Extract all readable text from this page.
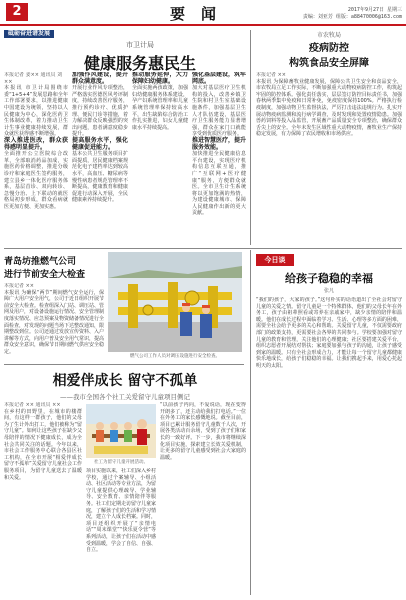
2	要闻	2017年9月27日 星期三
责编：刘亚芳 组版：a88470006@163.com
砥砺奋进谱发展
市卫计局
健康服务惠民生
本报记者 姜×× 通讯员 刘××
本报讯 市卫计局围绕市委“1+5+4”发展思路和全年工作部署要求，以推进健康中国建设为统领，坚持以人民健康为中心，深化医药卫生体制改革，着力推动卫生计生事业健康持续发展，群众就医获得感不断增强。
深入推进医改，群众获得感明显提升。
全面推开公立医院综合改革，全部取消药品加成，实施医药价格调整，推进分级诊疗和家庭医生签约服务，建立县乡一体化医疗服务体系，基层首诊、双向转诊、急慢分治、上下联动的就医格局初步形成，群众看病就医更加方便、更加实惠。
加强作风建设，提升群众满意度。
开展行业作风专项整治，严格落实医德医风考评制度，持续改善医疗服务，推行预约诊疗、优质护理、便民门诊等措施，着力解决群众反映强烈的突出问题，患者满意度稳步提升。
提高服务水平，强化健康促进能力。
基本公共卫生服务项目扩面提质，居民健康档案规范化电子建档率达到较高水平，高血压、糖尿病等慢性病患者规范管理率不断提高，健康教育和健康促进行动深入开展，全民健康素养持续提升。
推动服务延伸，大力保障妇幼健康。
全面实施两孩政策，加强妇幼健康服务体系建设，孕产妇系统管理率和儿童系统管理率保持较高水平，出生缺陷综合防治工作扎实推进，妇女儿童健康水平持续提高。
强化基层建设，筑牢网底。
加大对基层医疗卫生机构的投入，改善乡镇卫生院和村卫生室基础设施条件，加强基层卫生人才队伍建设，基层医疗卫生服务能力显著增强，群众在家门口就能享受到优质医疗服务。
推进智慧医疗，提升服务效能。
加快推进全民健康信息平台建设，实现医疗机构信息互联互通，推广“互联网+医疗健康”服务，方便群众就医。全市卫生计生系统将以更加饱满的热情，为建设健康城市、保障人民健康作出新的更大贡献。
市农牧局
疫病防控
构筑食品安全屏障
本报记者 ××
本报讯 为保障畜牧业健康发展，保障公共卫生安全和食品安全，市农牧局立足工作实际，不断加强重大动物疫病防控工作，构筑起牢固的防控体系。强化责任落实，层层签订防控目标责任书，加强春秋两季集中免疫和日常补免，免疫密度保持100%。严格执行检疫制度，加强动物卫生监督执法，严厉打击违法违规行为。扎实开展动物疫病监测和流行病学调查，及时发现和处置疫情隐患。加强兽药饲料等投入品监管，开展畜产品质量安全专项整治，确保群众舌尖上的安全。全年未发生区域性重大动物疫情，畜牧业生产保持稳定发展，有力保障了农民增收和市场供应。
青岛坊推燃气公司
进行节前安全大检查
本报记者 ××
本报讯 为确保“两节”期间燃气安全运行，保障广大用户安全用气，公司于近日组织开展节前安全大检查。检查组深入门站、调压站、管网及用户，对设备设施运行情况、安全管理制度落实情况、应急预案及物资储备情况进行全面检查，对发现的问题当场下达整改通知，限期整改到位。公司还通过发放宣传资料、入户讲解等方式，向用户普及安全用气常识，提高群众安全意识，确保节日期间燃气供应安全稳定。
燃气公司工作人员对调压设施进行安全检查。
今日谈
给孩子稳稳的幸福
张凡
“我们的孩子，大家的孩子。”这句朴实的话语道出了全社会对留守儿童的关爱之情。留守儿童是一个特殊群体，他们的父母长年在外务工，孩子由祖辈照看或寄养在亲戚家中，缺少亲情的陪伴和温暖。他们在成长过程中面临着学习、生活、心理等多方面的困难，需要全社会给予更多的关心和帮助。关爱留守儿童，不仅需要政府部门的政策支持，更需要社会各界的共同参与。学校要加强对留守儿童的教育和管理，关注他们的心理健康；社区要搭建关爱平台，组织志愿者开展结对帮扶；家庭要加强与孩子的沟通，让孩子感受到家的温暖。只有全社会形成合力，才能让每一个留守儿童都健康快乐地成长，给孩子们稳稳的幸福。让我们携起手来，用爱心托起明天的太阳。
相爱伴成长 留守不孤单
——我市全国各个社工关爱留守儿童项目侧记
本报记者 ×× 通讯员 ××
在乡村的田野里，在城市的楼群间，有这样一群孩子，他们的父母为了生计外出打工，他们被称为“留守儿童”。如何让这些孩子在缺少父母陪伴的情况下健康成长，成为全社会共同关注的话题。今年以来，市社会工作服务中心联合各县区社工机构，在全市开展“相爱伴成长 留守不孤单”关爱留守儿童社会工作服务项目，为留守儿童送去了温暖和关爱。
社工为留守儿童开展活动。
项目实施以来，社工们深入乡村学校，通过个案辅导、小组活动、社区活动等专业方法，为留守儿童提供心理疏导、学业辅导、安全教育、亲情陪伴等服务。社工们定期走访留守儿童家庭，了解孩子们的生活和学习情况，建立个人成长档案。同时，项目还组织开展了“亲情电话”“周末课堂”“快乐夏令营”等系列活动，让孩子们在活动中感受到温暖，学会了自信、自强、自立。
“以前孩子内向，不爱说话，现在变得开朗多了，还主动给我们打电话。”一位在外务工的家长感慨地说。截至目前，项目已累计服务留守儿童数千人次，开展各类活动百余场，受到了孩子们和家长的一致好评。下一步，我市将继续深化项目实施，探索建立长效关爱机制，让更多的留守儿童感受到社会大家庭的温暖。
